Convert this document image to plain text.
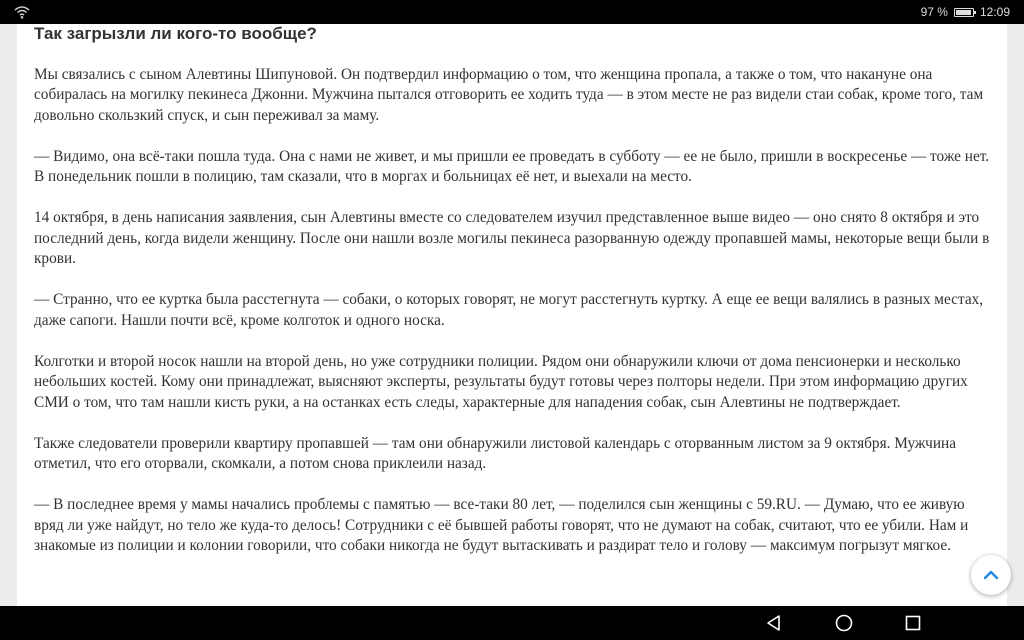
97 %	12:09
Так загрызли ли кого-то вообще?

Мы связались с сыном Алевтины Шипуновой. Он подтвердил информацию о том, что женщина пропала, а также о том, что накануне она собиралась на могилку пекинеса Джонни. Мужчина пытался отговорить ее ходить туда — в этом месте не раз видели стаи собак, кроме того, там довольно скользкий спуск, и сын переживал за маму.

— Видимо, она всё-таки пошла туда. Она с нами не живет, и мы пришли ее проведать в субботу — ее не было, пришли в воскресенье — тоже нет. В понедельник пошли в полицию, там сказали, что в моргах и больницах её нет, и выехали на место.

14 октября, в день написания заявления, сын Алевтины вместе со следователем изучил представленное выше видео — оно снято 8 октября и это последний день, когда видели женщину. После они нашли возле могилы пекинеса разорванную одежду пропавшей мамы, некоторые вещи были в крови.

— Странно, что ее куртка была расстегнута — собаки, о которых говорят, не могут расстегнуть куртку. А еще ее вещи валялись в разных местах, даже сапоги. Нашли почти всё, кроме колготок и одного носка.

Колготки и второй носок нашли на второй день, но уже сотрудники полиции. Рядом они обнаружили ключи от дома пенсионерки и несколько небольших костей. Кому они принадлежат, выясняют эксперты, результаты будут готовы через полторы недели. При этом информацию других СМИ о том, что там нашли кисть руки, а на останках есть следы, характерные для нападения собак, сын Алевтины не подтверждает.

Также следователи проверили квартиру пропавшей — там они обнаружили листовой календарь с оторванным листом за 9 октября. Мужчина отметил, что его оторвали, скомкали, а потом снова приклеили назад.

— В последнее время у мамы начались проблемы с памятью — все-таки 80 лет, — поделился сын женщины с 59.RU. — Думаю, что ее живую вряд ли уже найдут, но тело же куда-то делось! Сотрудники с её бывшей работы говорят, что не думают на собак, считают, что ее убили. Нам и знакомые из полиции и колонии говорили, что собаки никогда не будут вытаскивать и раздират тело и голову — максимум погрызут мягкое.
